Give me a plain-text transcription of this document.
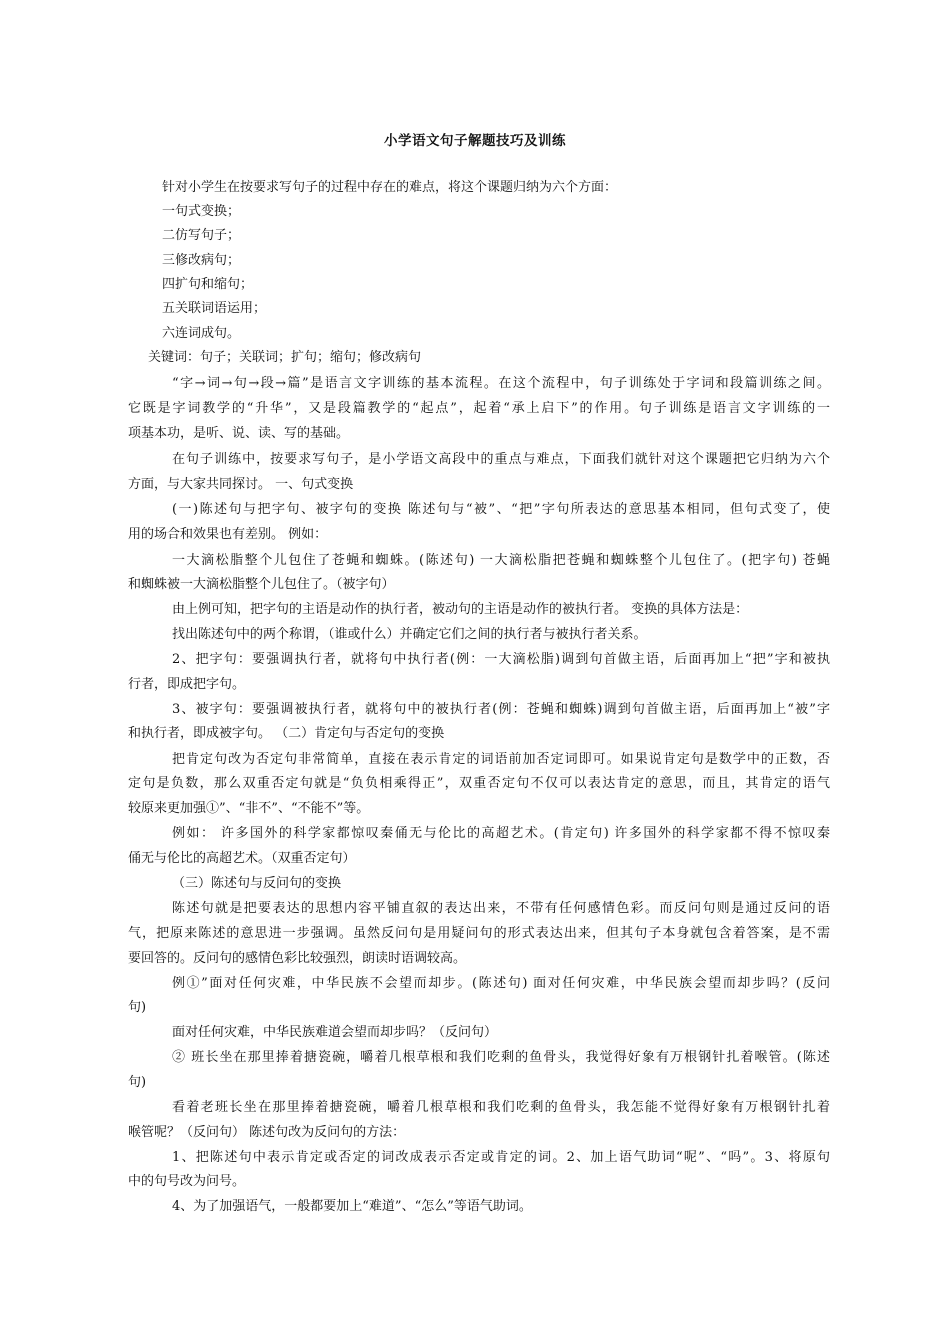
小学语文句子解题技巧及训练
针对小学生在按要求写句子的过程中存在的难点，将这个课题归纳为六个方面：
一句式变换；
二仿写句子；
三修改病句；
四扩句和缩句；
五关联词语运用；
六连词成句。
关键词：句子；关联词；扩句；缩句；修改病句
“字→词→句→段→篇”是语言文字训练的基本流程。在这个流程中，句子训练处于字词和段篇训练之间。
它既是字词教学的“升华”，又是段篇教学的“起点”，起着“承上启下”的作用。句子训练是语言文字训练的一
项基本功，是听、说、读、写的基础。
在句子训练中，按要求写句子，是小学语文高段中的重点与难点，下面我们就针对这个课题把它归纳为六个
方面，与大家共同探讨。 一、句式变换
(一)陈述句与把字句、被字句的变换 陈述句与“被”、“把”字句所表达的意思基本相同，但句式变了，使
用的场合和效果也有差别。 例如：
一大滴松脂整个儿包住了苍蝇和蜘蛛。(陈述句) 一大滴松脂把苍蝇和蜘蛛整个儿包住了。(把字句) 苍蝇
和蜘蛛被一大滴松脂整个儿包住了。（被字句）
由上例可知，把字句的主语是动作的执行者，被动句的主语是动作的被执行者。 变换的具体方法是：
找出陈述句中的两个称谓，（谁或什么）并确定它们之间的执行者与被执行者关系。
2、把字句：要强调执行者，就将句中执行者(例：一大滴松脂)调到句首做主语，后面再加上“把”字和被执
行者，即成把字句。
3、被字句：要强调被执行者，就将句中的被执行者(例：苍蝇和蜘蛛)调到句首做主语，后面再加上“被”字
和执行者，即成被字句。 （二）肯定句与否定句的变换
把肯定句改为否定句非常简单，直接在表示肯定的词语前加否定词即可。如果说肯定句是数学中的正数，否
定句是负数，那么双重否定句就是“负负相乘得正”，双重否定句不仅可以表达肯定的意思，而且，其肯定的语气
较原来更加强①”、“非不”、“不能不”等。
例如： 许多国外的科学家都惊叹秦俑无与伦比的高超艺术。(肯定句) 许多国外的科学家都不得不惊叹秦
俑无与伦比的高超艺术。（双重否定句）
（三）陈述句与反问句的变换
陈述句就是把要表达的思想内容平铺直叙的表达出来，不带有任何感情色彩。而反问句则是通过反问的语
气，把原来陈述的意思进一步强调。虽然反问句是用疑问句的形式表达出来，但其句子本身就包含着答案，是不需
要回答的。反问句的感情色彩比较强烈，朗读时语调较高。
例①”面对任何灾难，中华民族不会望而却步。(陈述句) 面对任何灾难，中华民族会望而却步吗？(反问
句)
面对任何灾难，中华民族难道会望而却步吗？（反问句）
② 班长坐在那里捧着搪瓷碗，嚼着几根草根和我们吃剩的鱼骨头，我觉得好象有万根钢针扎着喉管。(陈述
句)
看着老班长坐在那里捧着搪瓷碗，嚼着几根草根和我们吃剩的鱼骨头，我怎能不觉得好象有万根钢针扎着
喉管呢？（反问句） 陈述句改为反问句的方法：
1、把陈述句中表示肯定或否定的词改成表示否定或肯定的词。2、加上语气助词“呢”、“吗”。3、将原句
中的句号改为问号。
4、为了加强语气，一般都要加上“难道”、“怎么”等语气助词。
